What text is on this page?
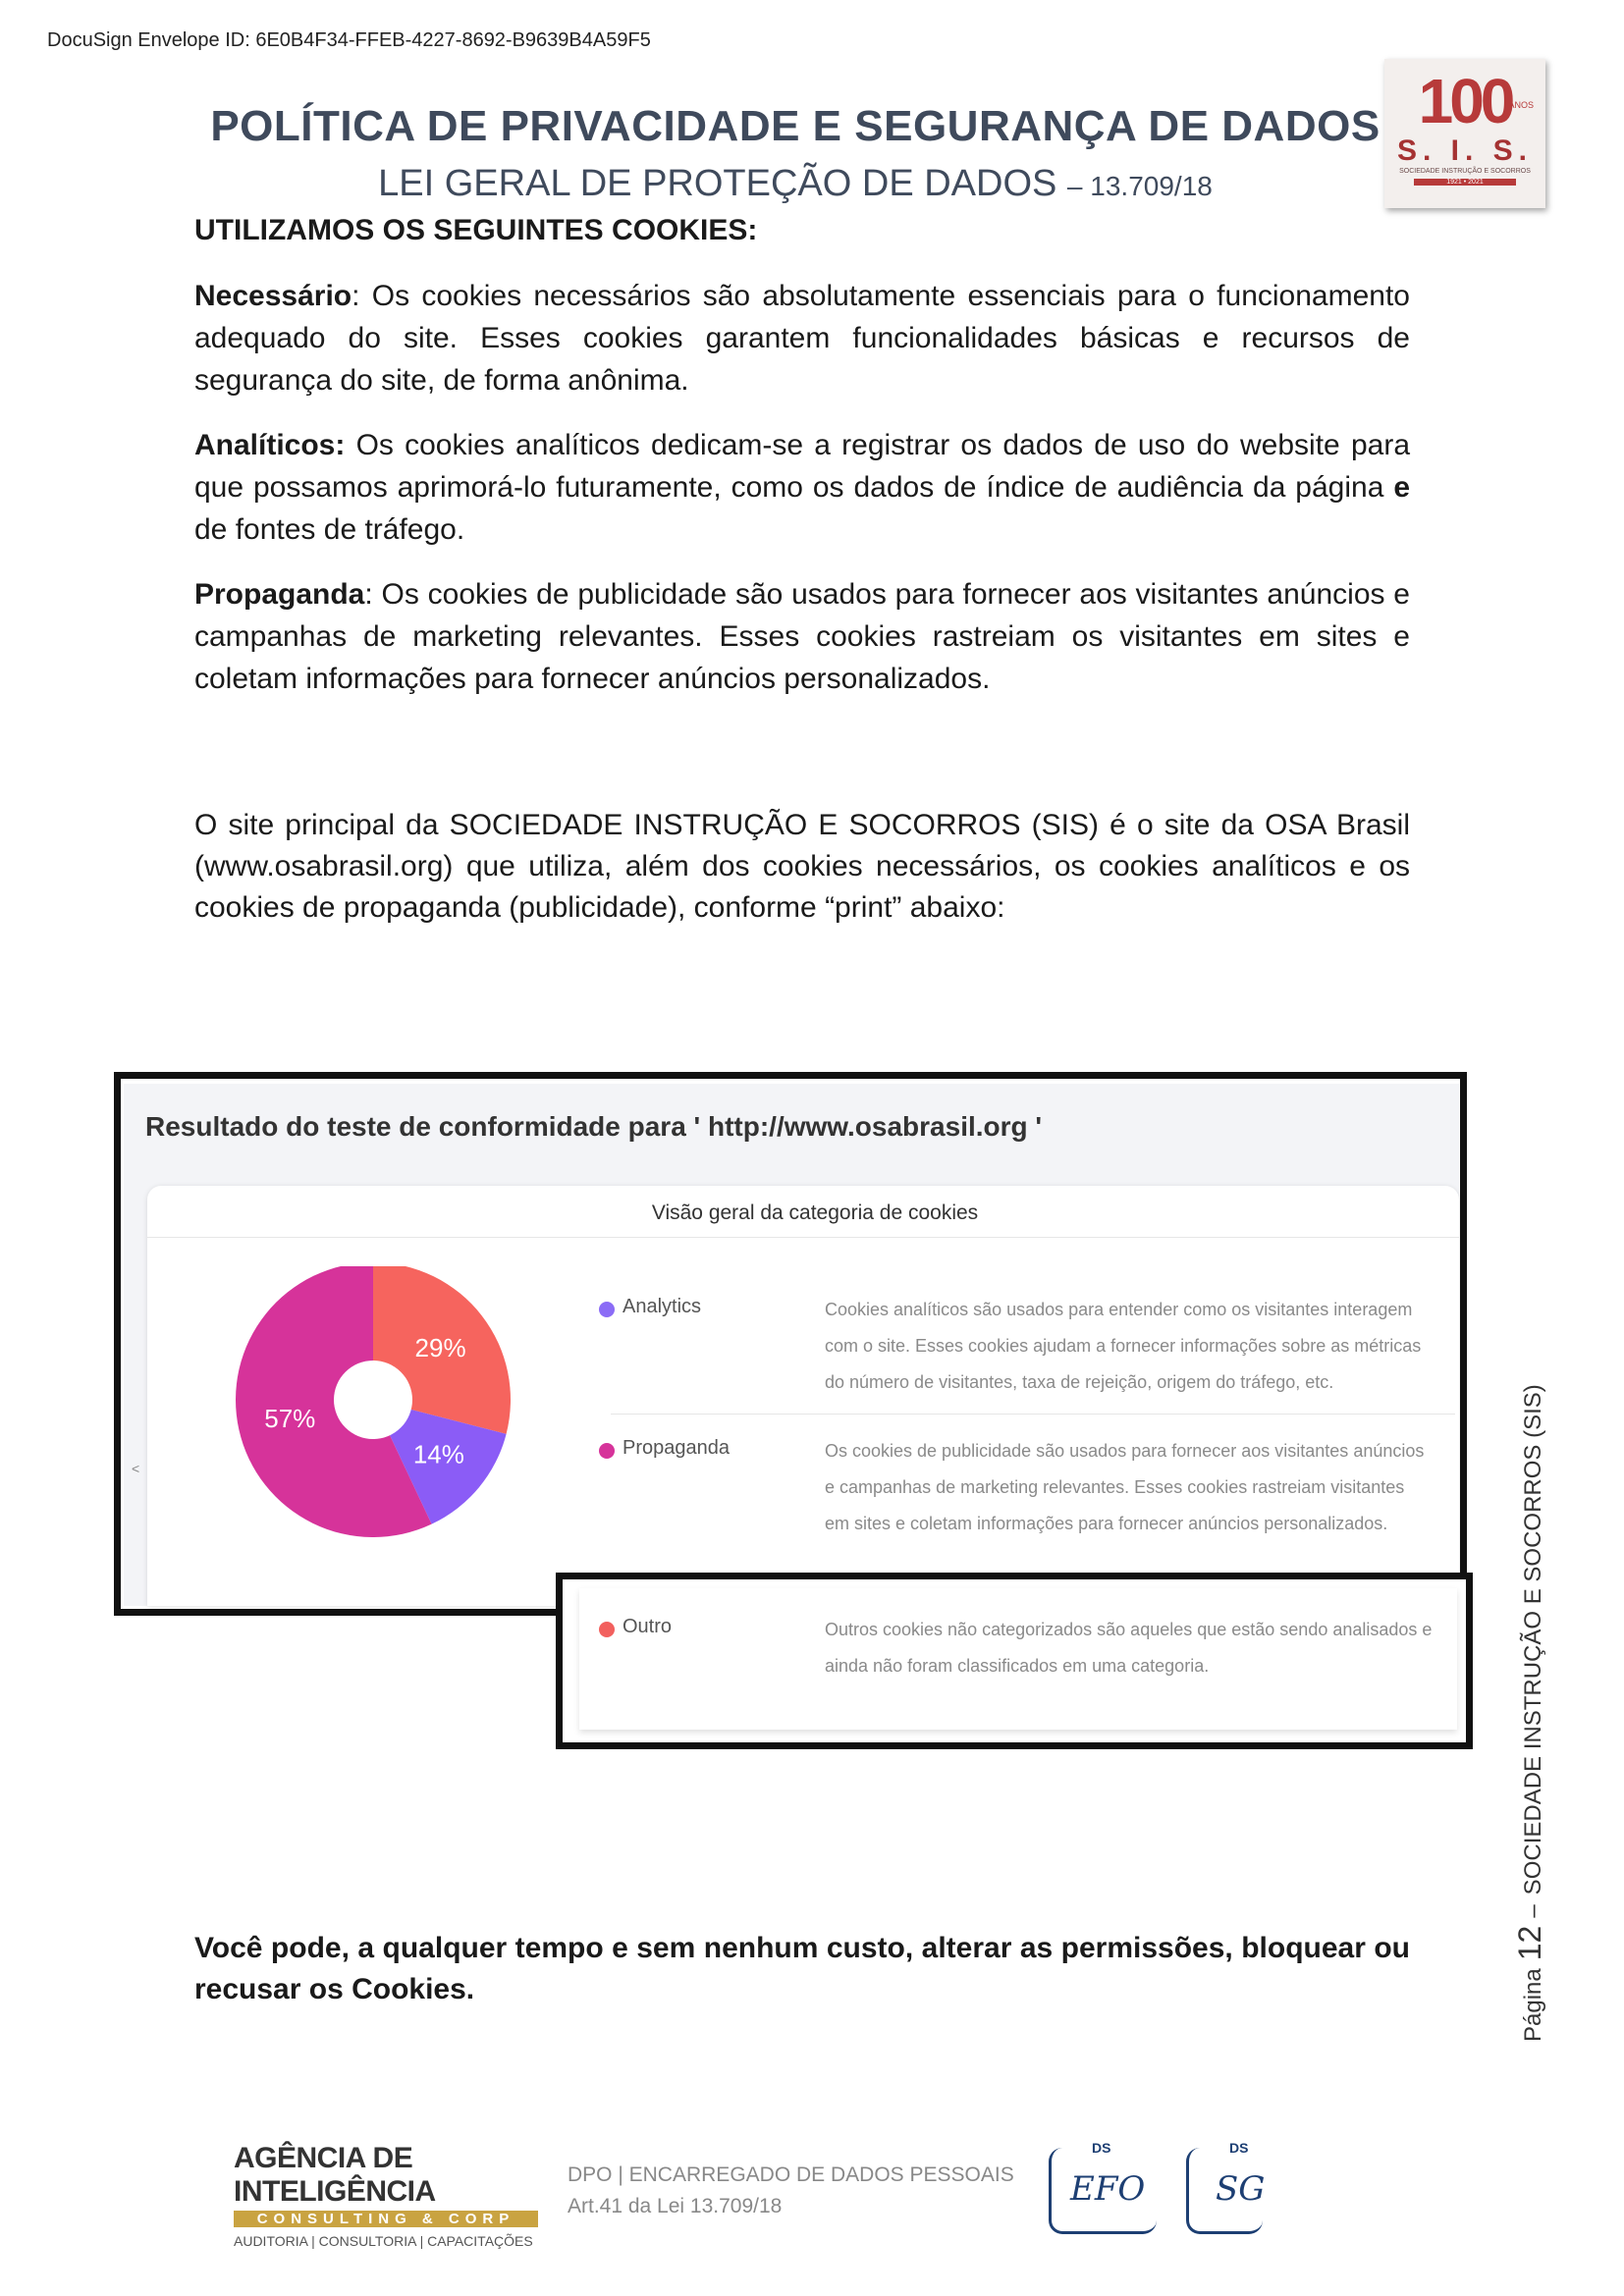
DocuSign Envelope ID: 6E0B4F34-FFEB-4227-8692-B9639B4A59F5
POLÍTICA DE PRIVACIDADE E SEGURANÇA DE DADOS
LEI GERAL DE PROTEÇÃO DE DADOS – 13.709/18
100
ANOS
S. I. S.
SOCIEDADE INSTRUÇÃO E SOCORROS
1921 • 2021
UTILIZAMOS OS SEGUINTES COOKIES:
Necessário: Os cookies necessários são absolutamente essenciais para o funcionamento adequado do site. Esses cookies garantem funcionalidades básicas e recursos de segurança do site, de forma anônima.
Analíticos: Os cookies analíticos dedicam-se a registrar os dados de uso do website para que possamos aprimorá-lo futuramente, como os dados de índice de audiência da página e de fontes de tráfego.
Propaganda: Os cookies de publicidade são usados para fornecer aos visitantes anúncios e campanhas de marketing relevantes. Esses cookies rastreiam os visitantes em sites e coletam informações para fornecer anúncios personalizados.
O site principal da SOCIEDADE INSTRUÇÃO E SOCORROS (SIS) é o site da OSA Brasil (www.osabrasil.org) que utiliza, além dos cookies necessários, os cookies analíticos e os cookies de propaganda (publicidade), conforme “print” abaixo:
Resultado do teste de conformidade para ' http://www.osabrasil.org '
Visão geral da categoria de cookies
<
29%
14%
57%
Analytics	Cookies analíticos são usados para entender como os visitantes interagem
com o site. Esses cookies ajudam a fornecer informações sobre as métricas
do número de visitantes, taxa de rejeição, origem do tráfego, etc.
Propaganda	Os cookies de publicidade são usados para fornecer aos visitantes anúncios
e campanhas de marketing relevantes. Esses cookies rastreiam visitantes
em sites e coletam informações para fornecer anúncios personalizados.
Outro	Outros cookies não categorizados são aqueles que estão sendo analisados e
ainda não foram classificados em uma categoria.
Você pode, a qualquer tempo e sem nenhum custo, alterar as permissões, bloquear ou recusar os Cookies.	Página
12
–
SOCIEDADE INSTRUÇÃO E SOCORROS (SIS)
AGÊNCIA DE INTELIGÊNCIA
CONSULTING & CORP
AUDITORIA | CONSULTORIA | CAPACITAÇÕES
DPO | ENCARREGADO DE DADOS PESSOAIS
Art.41 da Lei 13.709/18
DS
EFO
DS
SG
